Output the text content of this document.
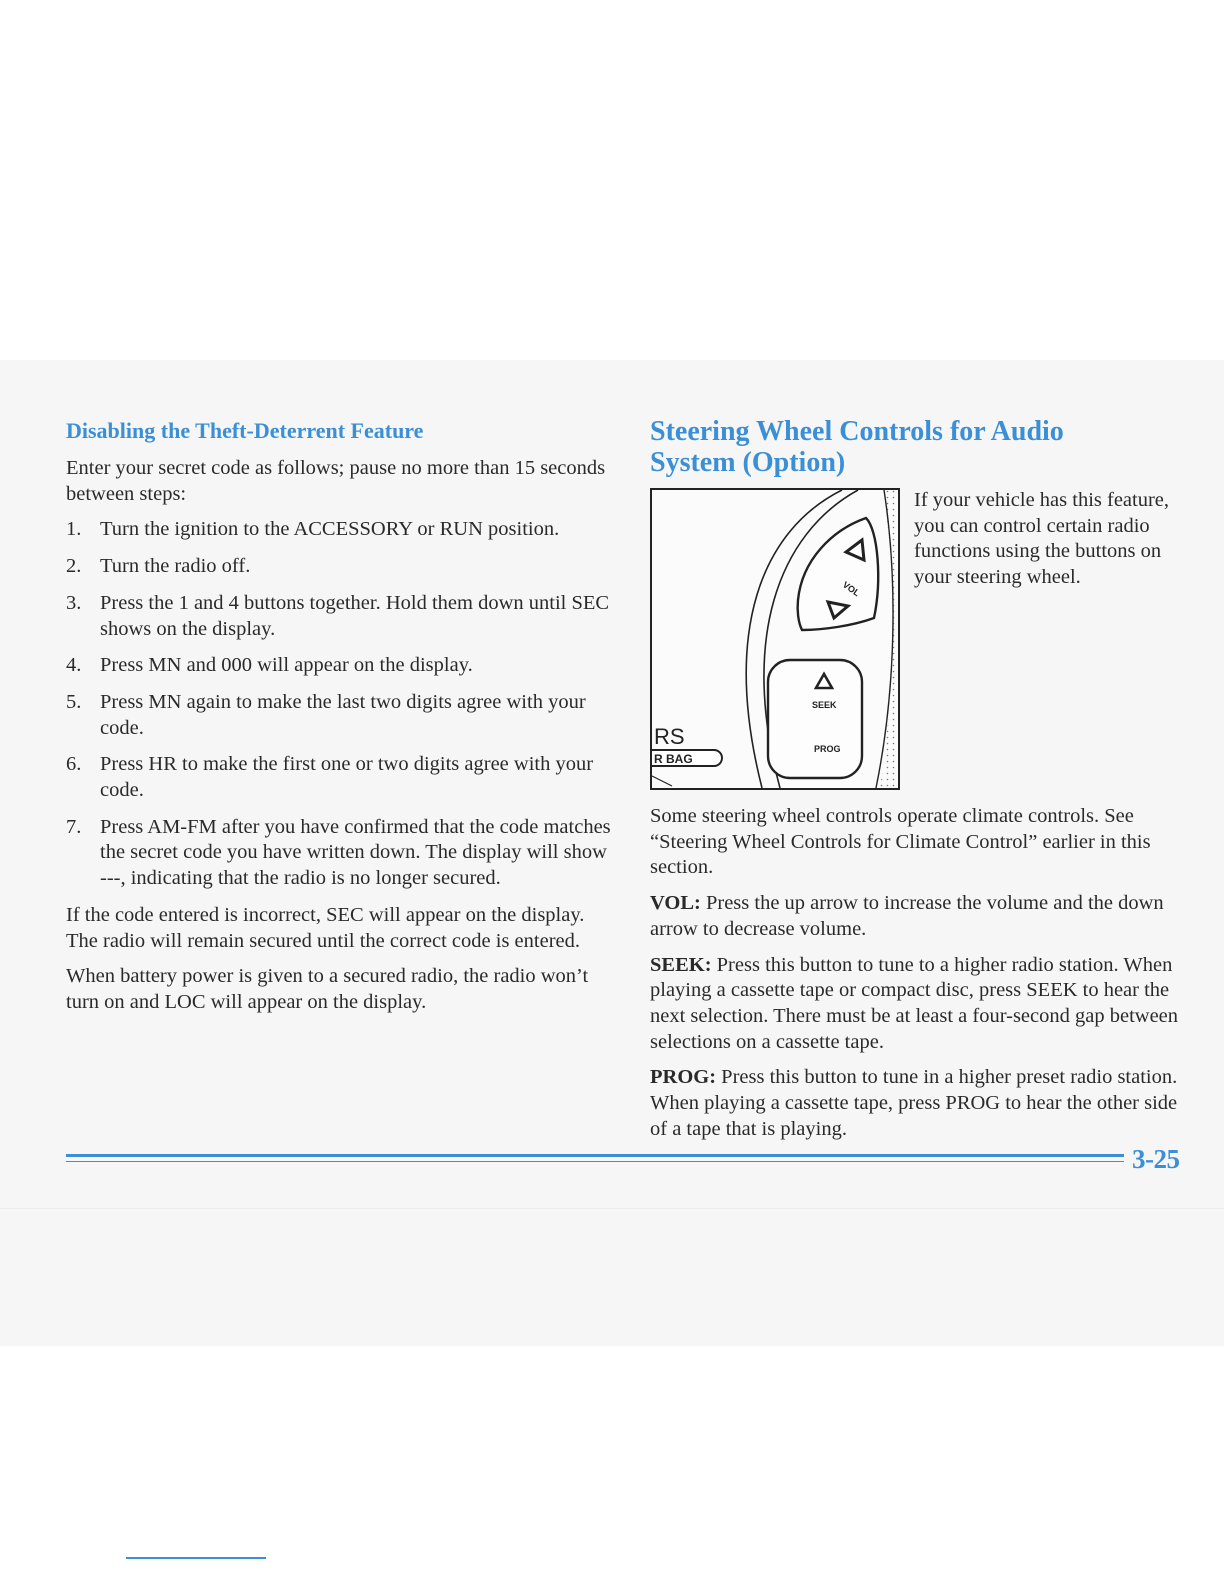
Disabling the Theft-Deterrent Feature

Enter your secret code as follows; pause no more than 15 seconds between steps:

1. Turn the ignition to the ACCESSORY or RUN position.
2. Turn the radio off.
3. Press the 1 and 4 buttons together. Hold them down until SEC shows on the display.
4. Press MN and 000 will appear on the display.
5. Press MN again to make the last two digits agree with your code.
6. Press HR to make the first one or two digits agree with your code.
7. Press AM-FM after you have confirmed that the code matches the secret code you have written down. The display will show ---, indicating that the radio is no longer secured.

If the code entered is incorrect, SEC will appear on the display. The radio will remain secured until the correct code is entered.

When battery power is given to a secured radio, the radio won’t turn on and LOC will appear on the display.

Steering Wheel Controls for Audio System (Option)
VOL
SEEK
PROG
RS
R BAG

If your vehicle has this feature, you can control certain radio functions using the buttons on your steering wheel.

Some steering wheel controls operate climate controls. See “Steering Wheel Controls for Climate Control” earlier in this section.

VOL: Press the up arrow to increase the volume and the down arrow to decrease volume.

SEEK: Press this button to tune to a higher radio station. When playing a cassette tape or compact disc, press SEEK to hear the next selection. There must be at least a four-second gap between selections on a cassette tape.

PROG: Press this button to tune in a higher preset radio station. When playing a cassette tape, press PROG to hear the other side of a tape that is playing.

3-25
